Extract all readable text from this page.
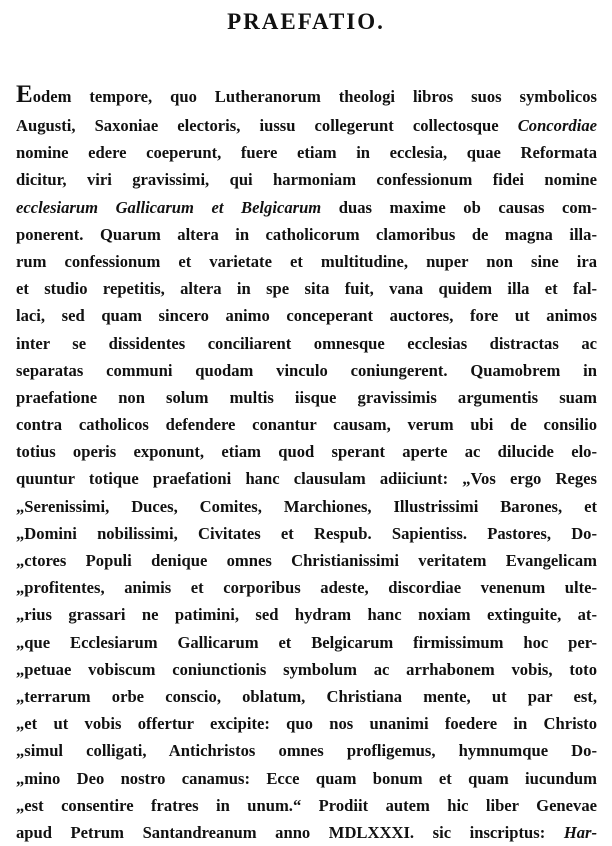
PRAEFATIO.
Eodem tempore, quo Lutheranorum theologi libros suos symbolicos
Augusti, Saxoniae electoris, iussu collegerunt collectosque Concordiae
nomine edere coeperunt, fuere etiam in ecclesia, quae Reformata
dicitur, viri gravissimi, qui harmoniam confessionum fidei nomine
ecclesiarum Gallicarum et Belgicarum duas maxime ob causas com-
ponerent. Quarum altera in catholicorum clamoribus de magna illa-
rum confessionum et varietate et multitudine, nuper non sine ira
et studio repetitis, altera in spe sita fuit, vana quidem illa et fal-
laci, sed quam sincero animo conceperant auctores, fore ut animos
inter se dissidentes conciliarent omnesque ecclesias distractas ac
separatas communi quodam vinculo coniungerent. Quamobrem in
praefatione non solum multis iisque gravissimis argumentis suam
contra catholicos defendere conantur causam, verum ubi de consilio
totius operis exponunt, etiam quod sperant aperte ac dilucide elo-
quuntur totique praefationi hanc clausulam adiiciunt: „Vos ergo Reges
„Serenissimi, Duces, Comites, Marchiones, Illustrissimi Barones, et
„Domini nobilissimi, Civitates et Respub. Sapientiss. Pastores, Do-
„ctores Populi denique omnes Christianissimi veritatem Evangelicam
„profitentes, animis et corporibus adeste, discordiae venenum ulte-
„rius grassari ne patimini, sed hydram hanc noxiam extinguite, at-
„que Ecclesiarum Gallicarum et Belgicarum firmissimum hoc per-
„petuae vobiscum coniunctionis symbolum ac arrhabonem vobis, toto
„terrarum orbe conscio, oblatum, Christiana mente, ut par est,
„et ut vobis offertur excipite: quo nos unanimi foedere in Christo
„simul colligati, Antichristos omnes profligemus, hymnumque Do-
„mino Deo nostro canamus: Ecce quam bonum et quam iucundum
„est consentire fratres in unum.“ Prodiit autem hic liber Genevae
apud Petrum Santandreanum anno MDLXXXI. sic inscriptus: Har-
